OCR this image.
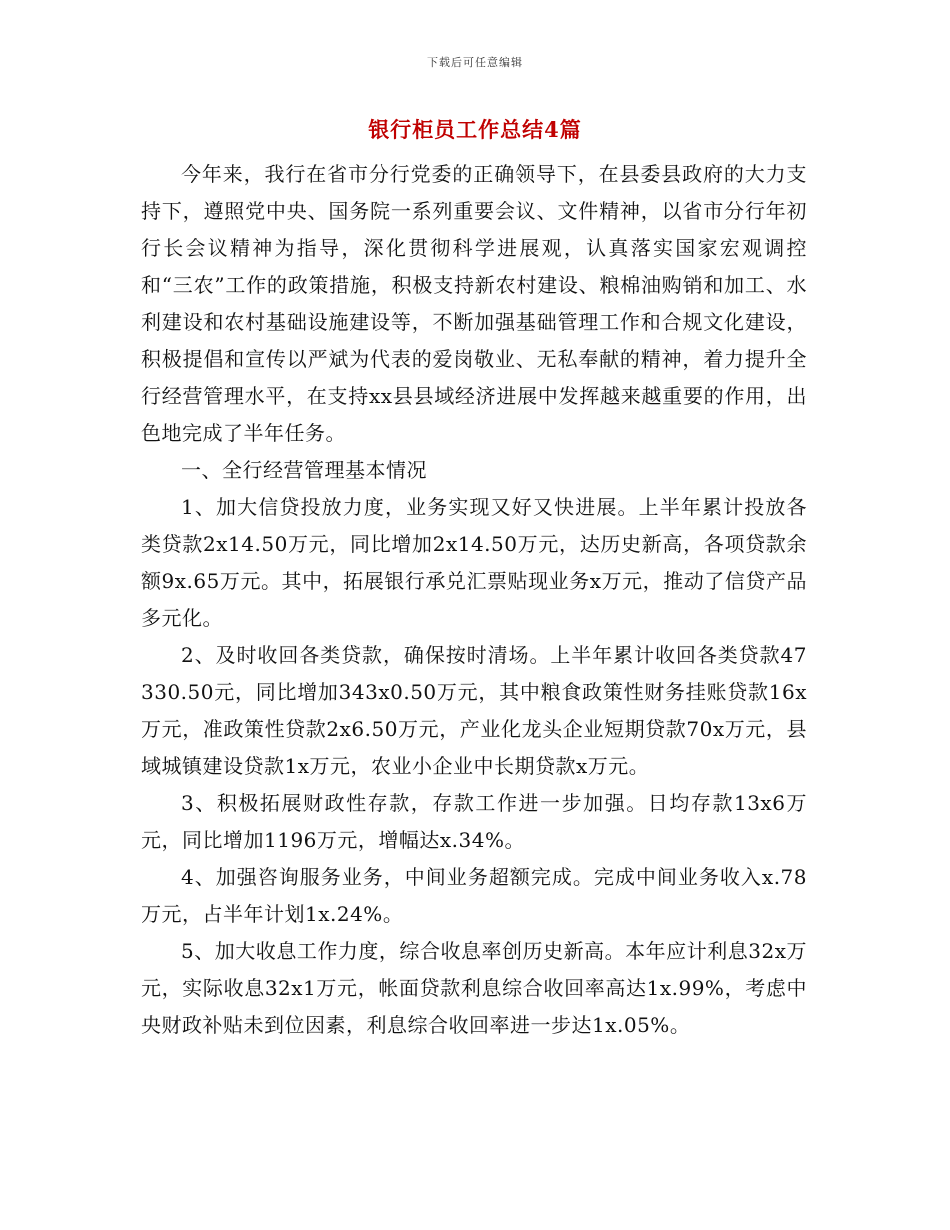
下载后可任意编辑
银行柜员工作总结4篇

今年来，我行在省市分行党委的正确领导下，在县委县政府的大力支持下，遵照党中央、国务院一系列重要会议、文件精神，以省市分行年初行长会议精神为指导，深化贯彻科学进展观，认真落实国家宏观调控和“三农”工作的政策措施，积极支持新农村建设、粮棉油购销和加工、水利建设和农村基础设施建设等，不断加强基础管理工作和合规文化建设，积极提倡和宣传以严斌为代表的爱岗敬业、无私奉献的精神，着力提升全行经营管理水平，在支持xx县县域经济进展中发挥越来越重要的作用，出色地完成了半年任务。

一、全行经营管理基本情况

1、加大信贷投放力度，业务实现又好又快进展。上半年累计投放各类贷款2x14.50万元，同比增加2x14.50万元，达历史新高，各项贷款余额9x.65万元。其中，拓展银行承兑汇票贴现业务x万元，推动了信贷产品多元化。

2、及时收回各类贷款，确保按时清场。上半年累计收回各类贷款47330.50元，同比增加343x0.50万元，其中粮食政策性财务挂账贷款16x万元，准政策性贷款2x6.50万元，产业化龙头企业短期贷款70x万元，县域城镇建设贷款1x万元，农业小企业中长期贷款x万元。

3、积极拓展财政性存款，存款工作进一步加强。日均存款13x6万元，同比增加1196万元，增幅达x.34%。

4、加强咨询服务业务，中间业务超额完成。完成中间业务收入x.78万元，占半年计划1x.24%。

5、加大收息工作力度，综合收息率创历史新高。本年应计利息32x万元，实际收息32x1万元，帐面贷款利息综合收回率高达1x.99%，考虑中央财政补贴未到位因素，利息综合收回率进一步达1x.05%。
